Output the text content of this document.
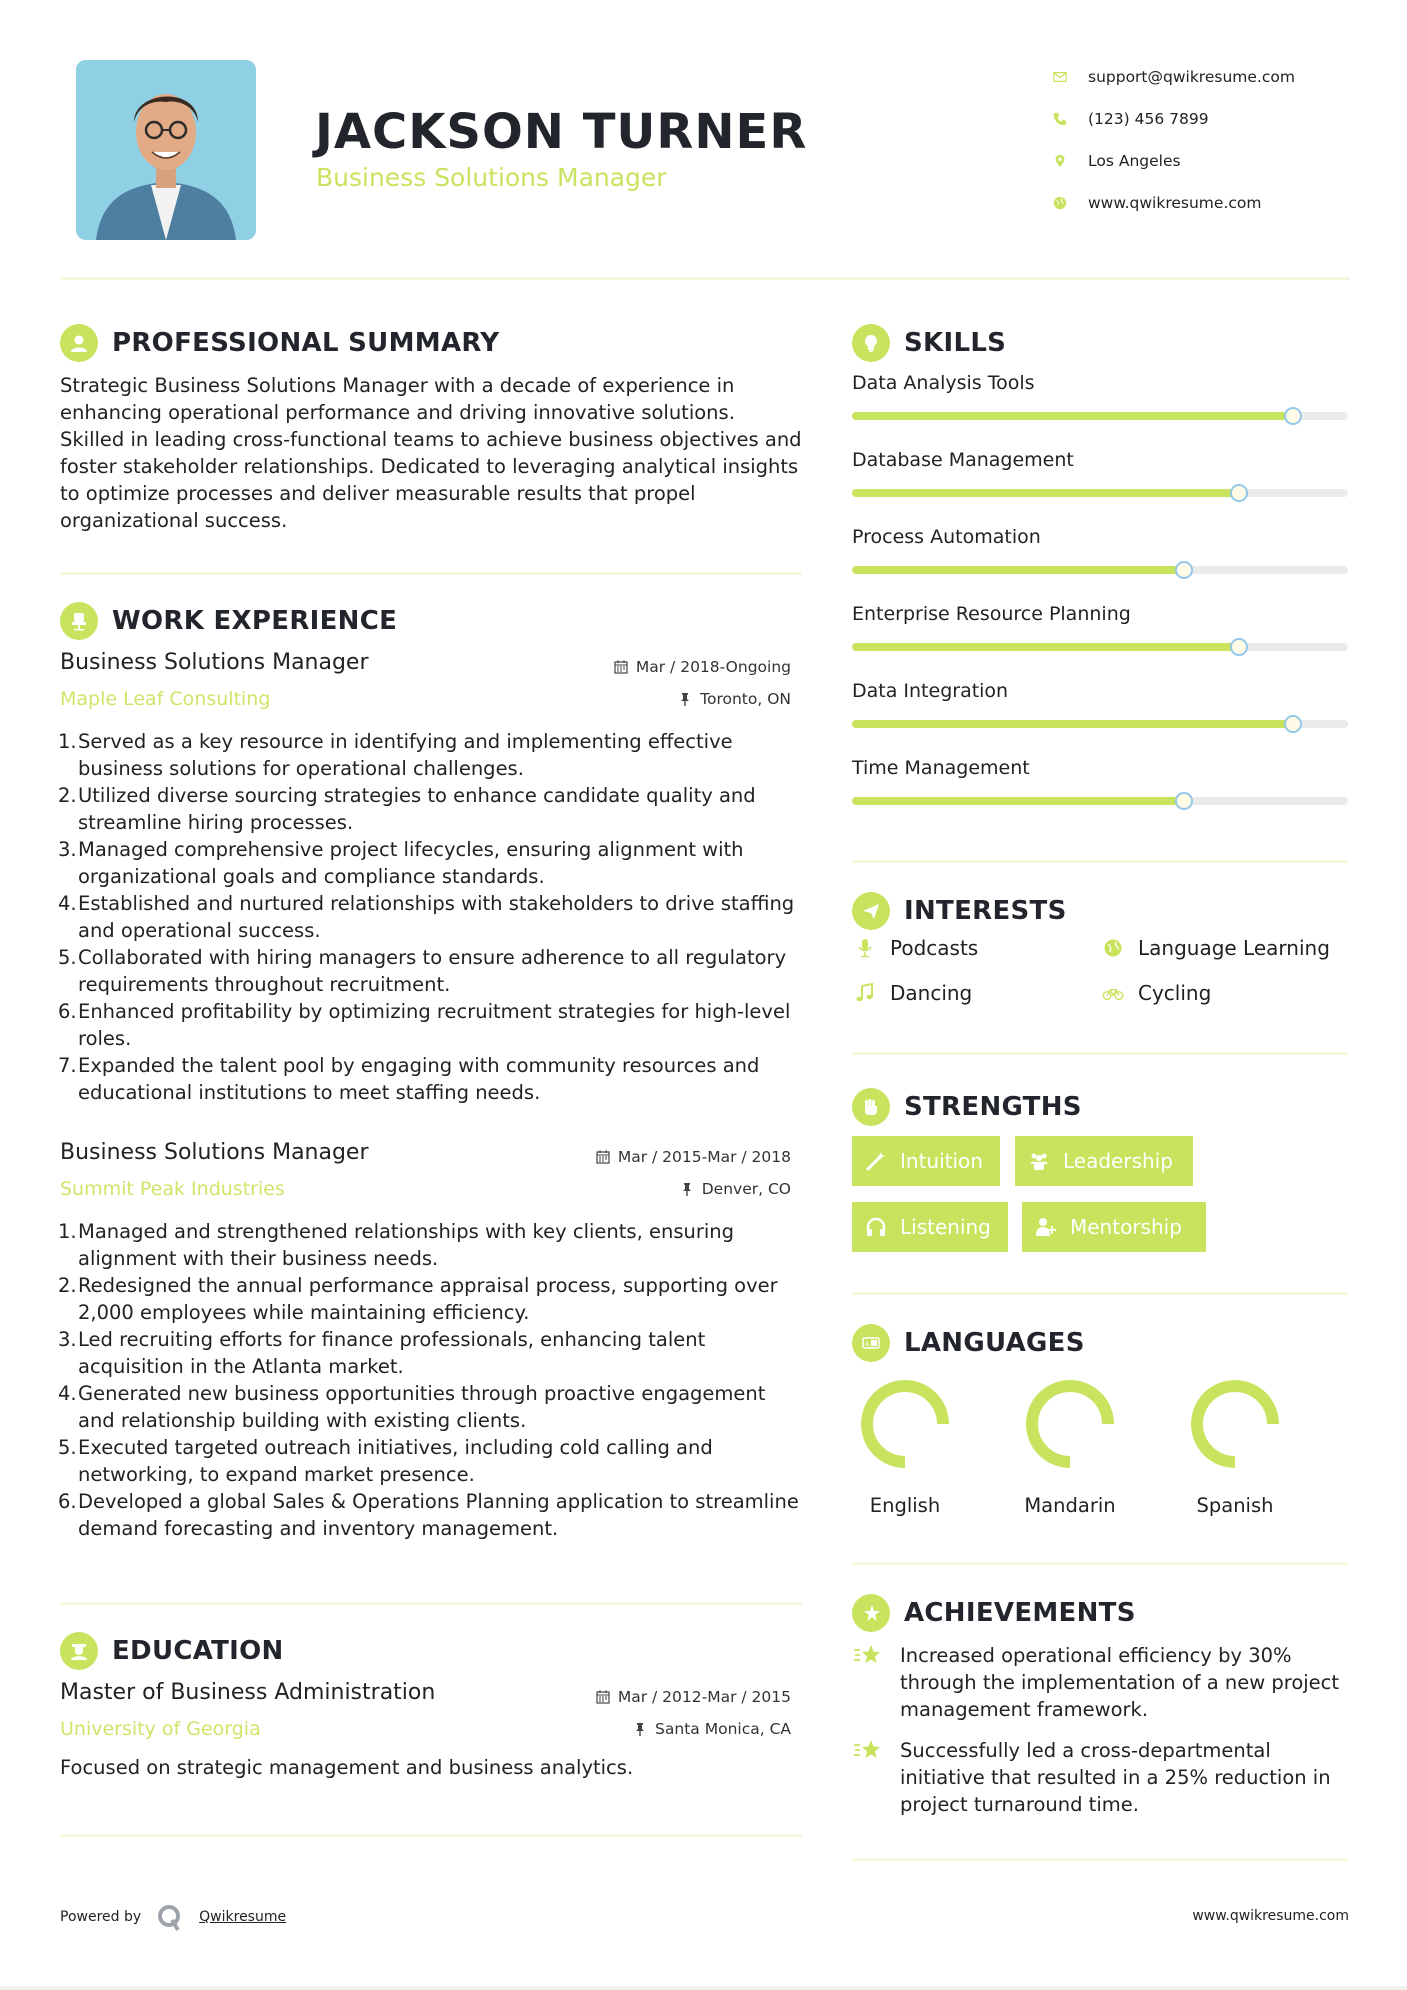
JACKSON TURNER
Business Solutions Manager
support@qwikresume.com
(123) 456 7899
Los Angeles
www.qwikresume.com
PROFESSIONAL SUMMARY
Strategic Business Solutions Manager with a decade of experience in enhancing operational performance and driving innovative solutions. Skilled in leading cross-functional teams to achieve business objectives and foster stakeholder relationships. Dedicated to leveraging analytical insights to optimize processes and deliver measurable results that propel organizational success.
WORK EXPERIENCE
Business Solutions Manager	Mar / 2018-Ongoing
Maple Leaf Consulting	Toronto, ON
Served as a key resource in identifying and implementing effective business solutions for operational challenges.
Utilized diverse sourcing strategies to enhance candidate quality and streamline hiring processes.
Managed comprehensive project lifecycles, ensuring alignment with organizational goals and compliance standards.
Established and nurtured relationships with stakeholders to drive staffing and operational success.
Collaborated with hiring managers to ensure adherence to all regulatory requirements throughout recruitment.
Enhanced profitability by optimizing recruitment strategies for high-level roles.
Expanded the talent pool by engaging with community resources and educational institutions to meet staffing needs.
Business Solutions Manager	Mar / 2015-Mar / 2018
Summit Peak Industries	Denver, CO
Managed and strengthened relationships with key clients, ensuring alignment with their business needs.
Redesigned the annual performance appraisal process, supporting over 2,000 employees while maintaining efficiency.
Led recruiting efforts for finance professionals, enhancing talent acquisition in the Atlanta market.
Generated new business opportunities through proactive engagement and relationship building with existing clients.
Executed targeted outreach initiatives, including cold calling and networking, to expand market presence.
Developed a global Sales & Operations Planning application to streamline demand forecasting and inventory management.
EDUCATION
Master of Business Administration	Mar / 2012-Mar / 2015
University of Georgia	Santa Monica, CA
Focused on strategic management and business analytics.
SKILLS
Data Analysis Tools
Database Management
Process Automation
Enterprise Resource Planning
Data Integration
Time Management
INTERESTS
Podcasts	Language Learning
Dancing	Cycling
STRENGTHS
Intuition	Leadership
Listening	Mentorship
A LANGUAGES
English	Mandarin	Spanish
ACHIEVEMENTS
Increased operational efficiency by 30% through the implementation of a new project management framework.
Successfully led a cross-departmental initiative that resulted in a 25% reduction in project turnaround time.
Powered by	Qwikresume	www.qwikresume.com
